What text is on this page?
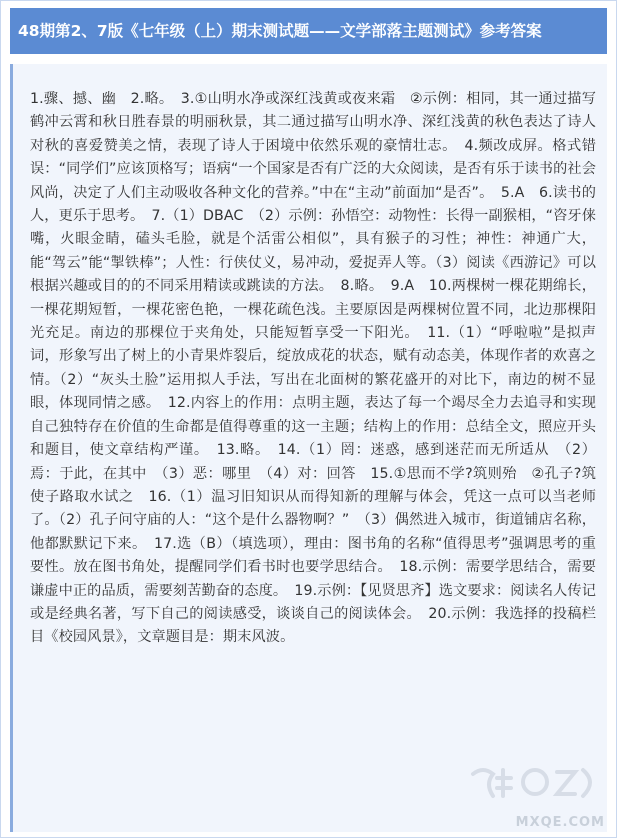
48期第2、7版《七年级（上）期末测试题——文学部落主题测试》参考答案

1.骤、撼、幽　2.略。　3.①山明水净或深红浅黄或夜来霜　②示例：相同，其一通过描写鹤冲云霄和秋日胜春景的明丽秋景，其二通过描写山明水净、深红浅黄的秋色表达了诗人对秋的喜爱赞美之情，表现了诗人于困境中依然乐观的豪情壮志。　4.频改成屏。格式错误：“同学们”应该顶格写；语病“一个国家是否有广泛的大众阅读，是否有乐于读书的社会风尚，决定了人们主动吸收各种文化的营养。”中在“主动”前面加“是否”。　5.A　6.读书的人，更乐于思考。　7.（1）DBAC　（2）示例：孙悟空：动物性：长得一副猴相，“咨牙俫嘴，火眼金睛，磕头毛脸，就是个活雷公相似”，具有猴子的习性；神性：神通广大，能“驾云”能“掣铁棒”；人性：行侠仗义，易冲动，爱捉弄人等。（3）阅读《西游记》可以根据兴趣或目的的不同采用精读或跳读的方法。　8.略。　9.A　10.两棵树一棵花期绵长，一棵花期短暂，一棵花密色艳，一棵花疏色浅。主要原因是两棵树位置不同，北边那棵阳光充足。南边的那棵位于夹角处，只能短暂享受一下阳光。　11.（1）“呼啦啦”是拟声词，形象写出了树上的小青果炸裂后，绽放成花的状态，赋有动态美，体现作者的欢喜之情。（2）“灰头土脸”运用拟人手法，写出在北面树的繁花盛开的对比下，南边的树不显眼，体现同情之感。　12.内容上的作用：点明主题，表达了每一个竭尽全力去追寻和实现自己独特存在价值的生命都是值得尊重的这一主题；结构上的作用：总结全文，照应开头和题目，使文章结构严谨。　13.略。　14.（1）罔：迷惑，感到迷茫而无所适从　（2）焉：于此，在其中　（3）恶：哪里　（4）对：回答　15.①思而不学?筑则殆　②孔子?筑使子路取水试之　16.（1）温习旧知识从而得知新的理解与体会，凭这一点可以当老师了。（2）孔子问守庙的人：“这个是什么器物啊？”　（3）偶然进入城市，街道铺店名称，他都默默记下来。　17.选（B）（填选项），理由：图书角的名称“值得思考”强调思考的重要性。放在图书角处，提醒同学们看书时也要学思结合。　18.示例：需要学思结合，需要谦虚中正的品质，需要刻苦勤奋的态度。　19.示例：【见贤思齐】选文要求：阅读名人传记或是经典名著，写下自己的阅读感受，谈谈自己的阅读体会。　20.示例：我选择的投稿栏目《校园风景》，文章题目是：期末风波。

MXQE.COM
